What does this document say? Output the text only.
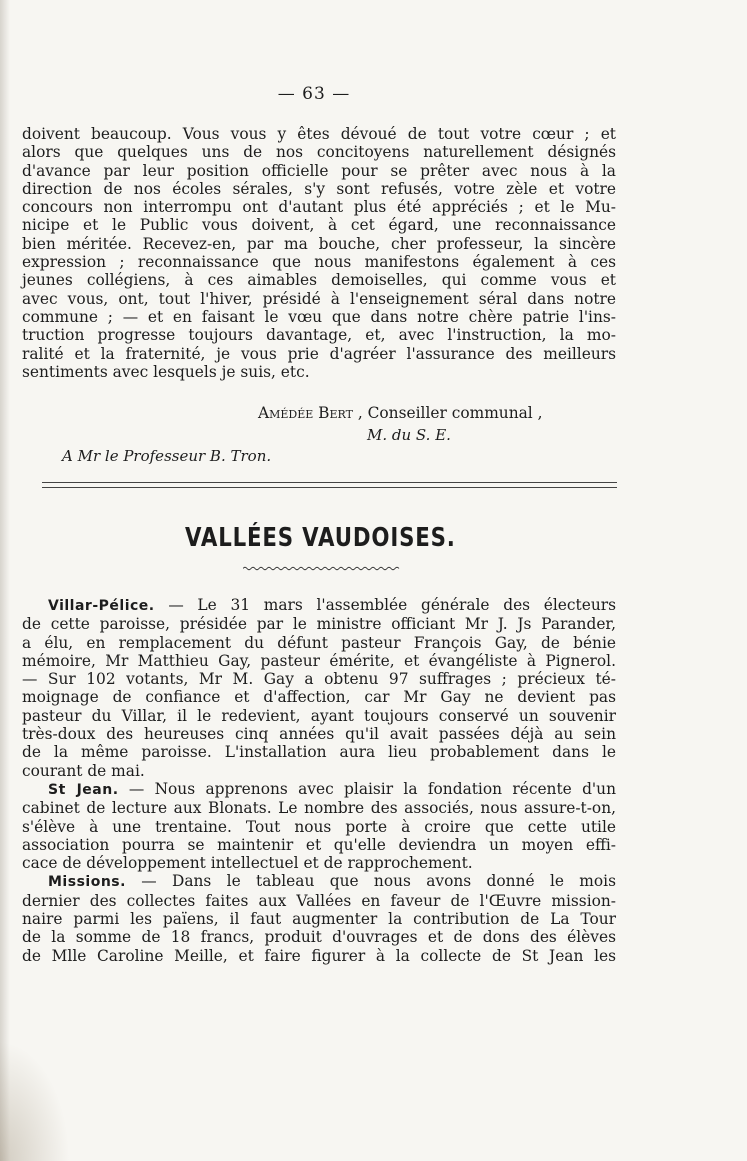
— 63 —

doivent beaucoup. Vous vous y êtes dévoué de tout votre cœur ; et

alors que quelques uns de nos concitoyens naturellement désignés

d'avance par leur position officielle pour se prêter avec nous à la

direction de nos écoles sérales, s'y sont refusés, votre zèle et votre

concours non interrompu ont d'autant plus été appréciés ; et le Mu-

nicipe et le Public vous doivent, à cet égard, une reconnaissance

bien méritée. Recevez-en, par ma bouche, cher professeur, la sincère

expression ; reconnaissance que nous manifestons également à ces

jeunes collégiens, à ces aimables demoiselles, qui comme vous et

avec vous, ont, tout l'hiver, présidé à l'enseignement séral dans notre

commune ; — et en faisant le vœu que dans notre chère patrie l'ins-

truction progresse toujours davantage, et, avec l'instruction, la mo-

ralité et la fraternité, je vous prie d'agréer l'assurance des meilleurs

sentiments avec lesquels je suis, etc.

Amédée Bert , Conseiller communal ,
M. du S. E.
A Mr le Professeur B. Tron.
VALLÉES VAUDOISES.

Villar-Pélice. — Le 31 mars l'assemblée générale des électeurs

de cette paroisse, présidée par le ministre officiant Mr J. Js Parander,

a élu, en remplacement du défunt pasteur François Gay, de bénie

mémoire, Mr Matthieu Gay, pasteur émérite, et évangéliste à Pignerol.

— Sur 102 votants, Mr M. Gay a obtenu 97 suffrages ; précieux té-

moignage de confiance et d'affection, car Mr Gay ne devient pas

pasteur du Villar, il le redevient, ayant toujours conservé un souvenir

très-doux des heureuses cinq années qu'il avait passées déjà au sein

de la même paroisse. L'installation aura lieu probablement dans le

courant de mai.

St Jean. — Nous apprenons avec plaisir la fondation récente d'un

cabinet de lecture aux Blonats. Le nombre des associés, nous assure-t-on,

s'élève à une trentaine. Tout nous porte à croire que cette utile

association pourra se maintenir et qu'elle deviendra un moyen effi-

cace de développement intellectuel et de rapprochement.

Missions. — Dans le tableau que nous avons donné le mois

dernier des collectes faites aux Vallées en faveur de l'Œuvre mission-

naire parmi les païens, il faut augmenter la contribution de La Tour

de la somme de 18 francs, produit d'ouvrages et de dons des élèves

de Mlle Caroline Meille, et faire figurer à la collecte de St Jean les
